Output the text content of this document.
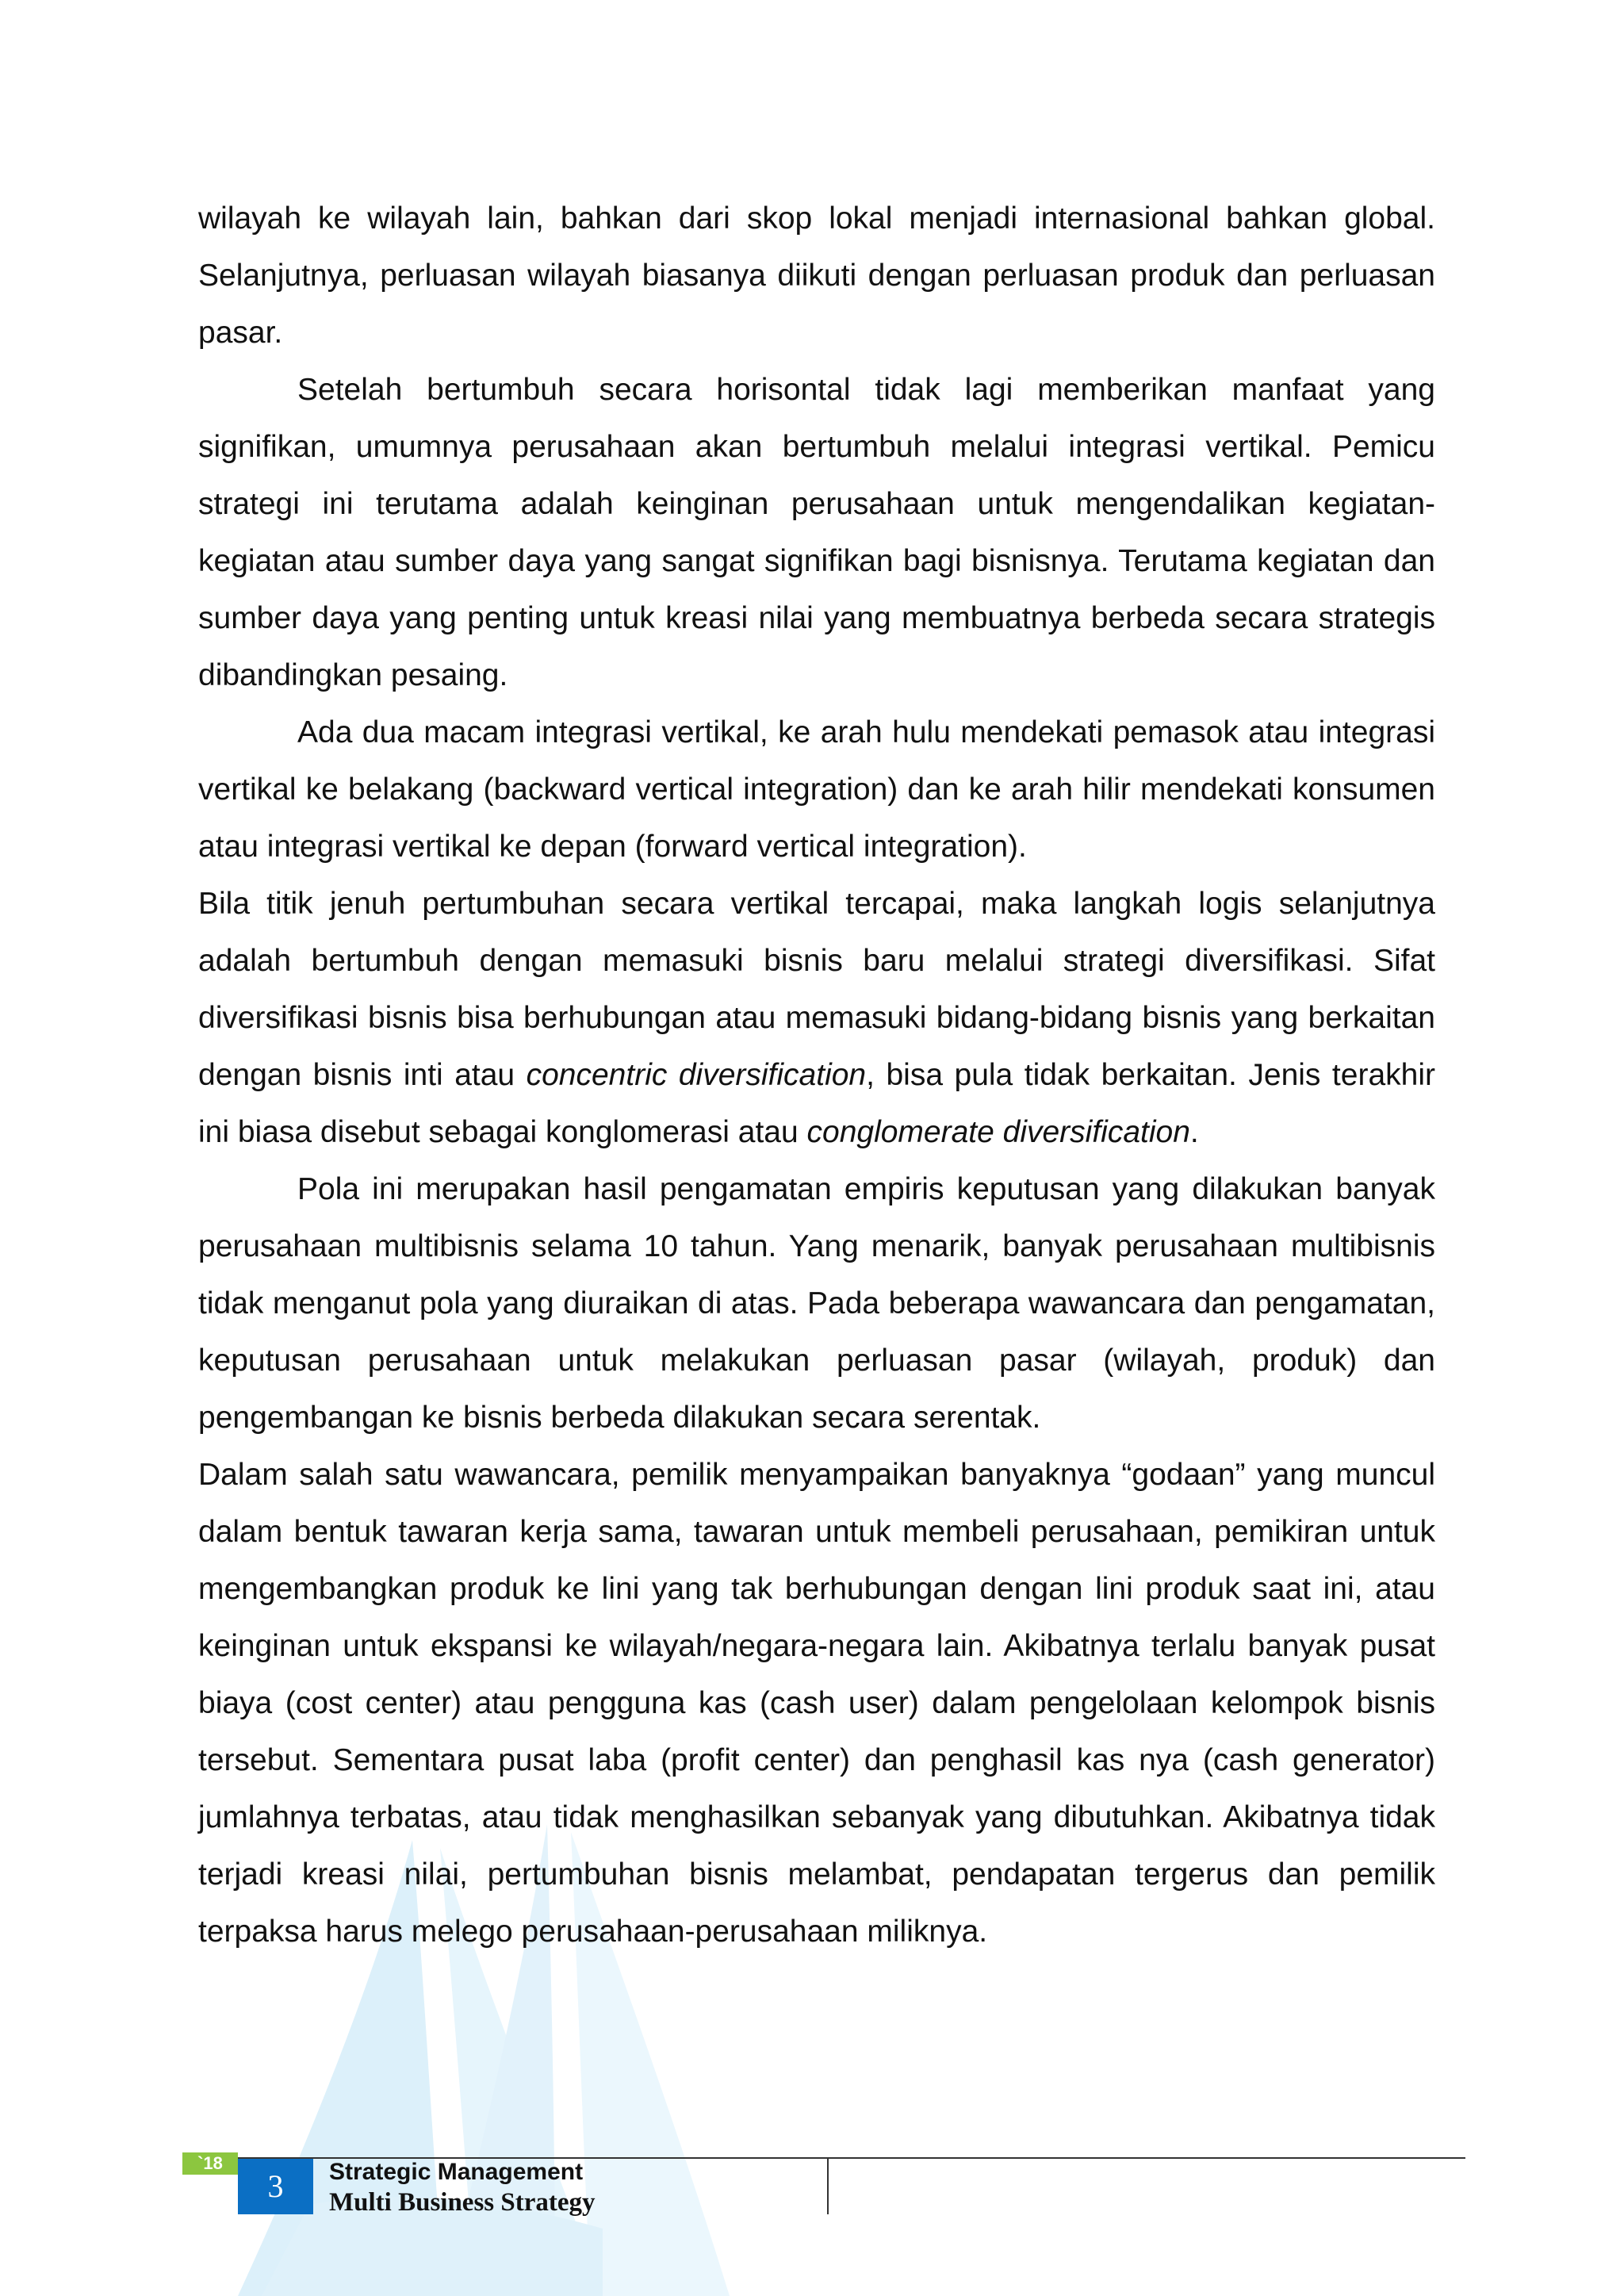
wilayah ke wilayah lain, bahkan dari skop lokal menjadi internasional bahkan global. Selanjutnya, perluasan wilayah biasanya diikuti dengan perluasan produk dan perluasan pasar.

Setelah bertumbuh secara horisontal tidak lagi memberikan manfaat yang signifikan, umumnya perusahaan akan bertumbuh melalui integrasi vertikal. Pemicu strategi ini terutama adalah keinginan perusahaan untuk mengendalikan kegiatan-kegiatan atau sumber daya yang sangat signifikan bagi bisnisnya. Terutama kegiatan dan sumber daya yang penting untuk kreasi nilai yang membuatnya berbeda secara strategis dibandingkan pesaing.

Ada dua macam integrasi vertikal, ke arah hulu mendekati pemasok atau integrasi vertikal ke belakang (backward vertical integration) dan ke arah hilir mendekati konsumen atau integrasi vertikal ke depan (forward vertical integration).

Bila titik jenuh pertumbuhan secara vertikal tercapai, maka langkah logis selanjutnya adalah bertumbuh dengan memasuki bisnis baru melalui strategi diversifikasi. Sifat diversifikasi bisnis bisa berhubungan atau memasuki bidang-bidang bisnis yang berkaitan dengan bisnis inti atau concentric diversification, bisa pula tidak berkaitan. Jenis terakhir ini biasa disebut sebagai konglomerasi atau conglomerate diversification.

Pola ini merupakan hasil pengamatan empiris keputusan yang dilakukan banyak perusahaan multibisnis selama 10 tahun. Yang menarik, banyak perusahaan multibisnis tidak menganut pola yang diuraikan di atas. Pada beberapa wawancara dan pengamatan, keputusan perusahaan untuk melakukan perluasan pasar (wilayah, produk) dan pengembangan ke bisnis berbeda dilakukan secara serentak.

Dalam salah satu wawancara, pemilik menyampaikan banyaknya “godaan” yang muncul dalam bentuk tawaran kerja sama, tawaran untuk membeli perusahaan, pemikiran untuk mengembangkan produk ke lini yang tak berhubungan dengan lini produk saat ini, atau keinginan untuk ekspansi ke wilayah/negara-negara lain. Akibatnya terlalu banyak pusat biaya (cost center) atau pengguna kas (cash user) dalam pengelolaan kelompok bisnis tersebut. Sementara pusat laba (profit center) dan penghasil kas nya (cash generator) jumlahnya terbatas, atau tidak menghasilkan sebanyak yang dibutuhkan. Akibatnya tidak terjadi kreasi nilai, pertumbuhan bisnis melambat, pendapatan tergerus dan pemilik terpaksa harus melego perusahaan-perusahaan miliknya.

`18
3	Strategic Management
Multi Business Strategy
